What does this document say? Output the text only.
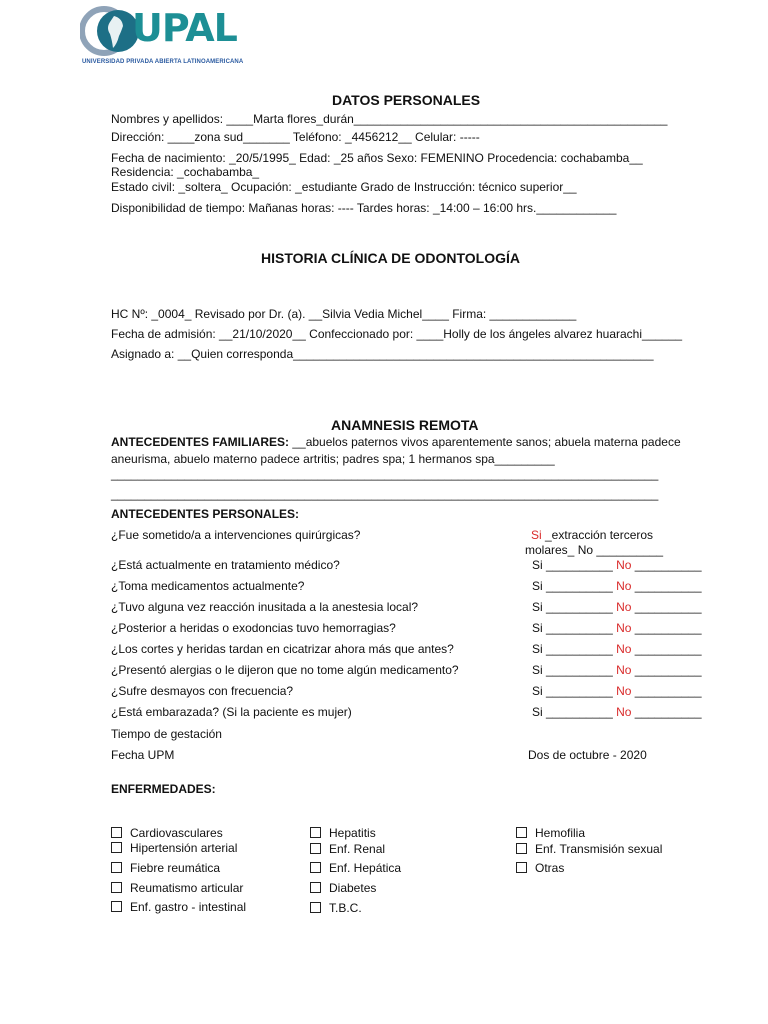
UPAL
UNIVERSIDAD PRIVADA ABIERTA LATINOAMERICANA
DATOS PERSONALES
Nombres y apellidos: ____Marta flores_durán_______________________________________________
Dirección: ____zona sud_______ Teléfono: _4456212__ Celular: -----
Fecha de nacimiento: _20/5/1995_ Edad: _25 años Sexo: FEMENINO Procedencia: cochabamba__
Residencia: _cochabamba_
Estado civil: _soltera_ Ocupación: _estudiante Grado de Instrucción: técnico superior__
Disponibilidad de tiempo: Mañanas horas: ---- Tardes horas: _14:00 – 16:00 hrs.____________
HISTORIA CLÍNICA DE ODONTOLOGÍA
HC Nº: _0004_ Revisado por Dr. (a). __Silvia Vedia Michel____ Firma: _____________
Fecha de admisión: __21/10/2020__ Confeccionado por: ____Holly de los ángeles alvarez huarachi______
Asignado a: __Quien corresponda______________________________________________________
ANAMNESIS REMOTA
ANTECEDENTES FAMILIARES: __abuelos paternos vivos aparentemente sanos; abuela materna padece
aneurisma, abuelo materno padece artritis; padres spa; 1 hermanos spa_________
__________________________________________________________________________________
__________________________________________________________________________________
ANTECEDENTES PERSONALES:
¿Fue sometido/a a intervenciones quirúrgicas?	Si _extracción terceros
molares_ No __________
¿Está actualmente en tratamiento médico?	Si __________ No __________
¿Toma medicamentos actualmente?	Si __________ No __________
¿Tuvo alguna vez reacción inusitada a la anestesia local?	Si __________ No __________
¿Posterior a heridas o exodoncias tuvo hemorragias?	Si __________ No __________
¿Los cortes y heridas tardan en cicatrizar ahora más que antes?	Si __________ No __________
¿Presentó alergias o le dijeron que no tome algún medicamento?	Si __________ No __________
¿Sufre desmayos con frecuencia?	Si __________ No __________
¿Está embarazada? (Si la paciente es mujer)	Si __________ No __________
Tiempo de gestación
Fecha UPM	Dos de octubre - 2020
ENFERMEDADES:
Cardiovasculares
Hipertensión arterial
Fiebre reumática
Reumatismo articular
Enf. gastro - intestinal
Hepatitis
Enf. Renal
Enf. Hepática
Diabetes
T.B.C.
Hemofilia
Enf. Transmisión sexual
Otras
